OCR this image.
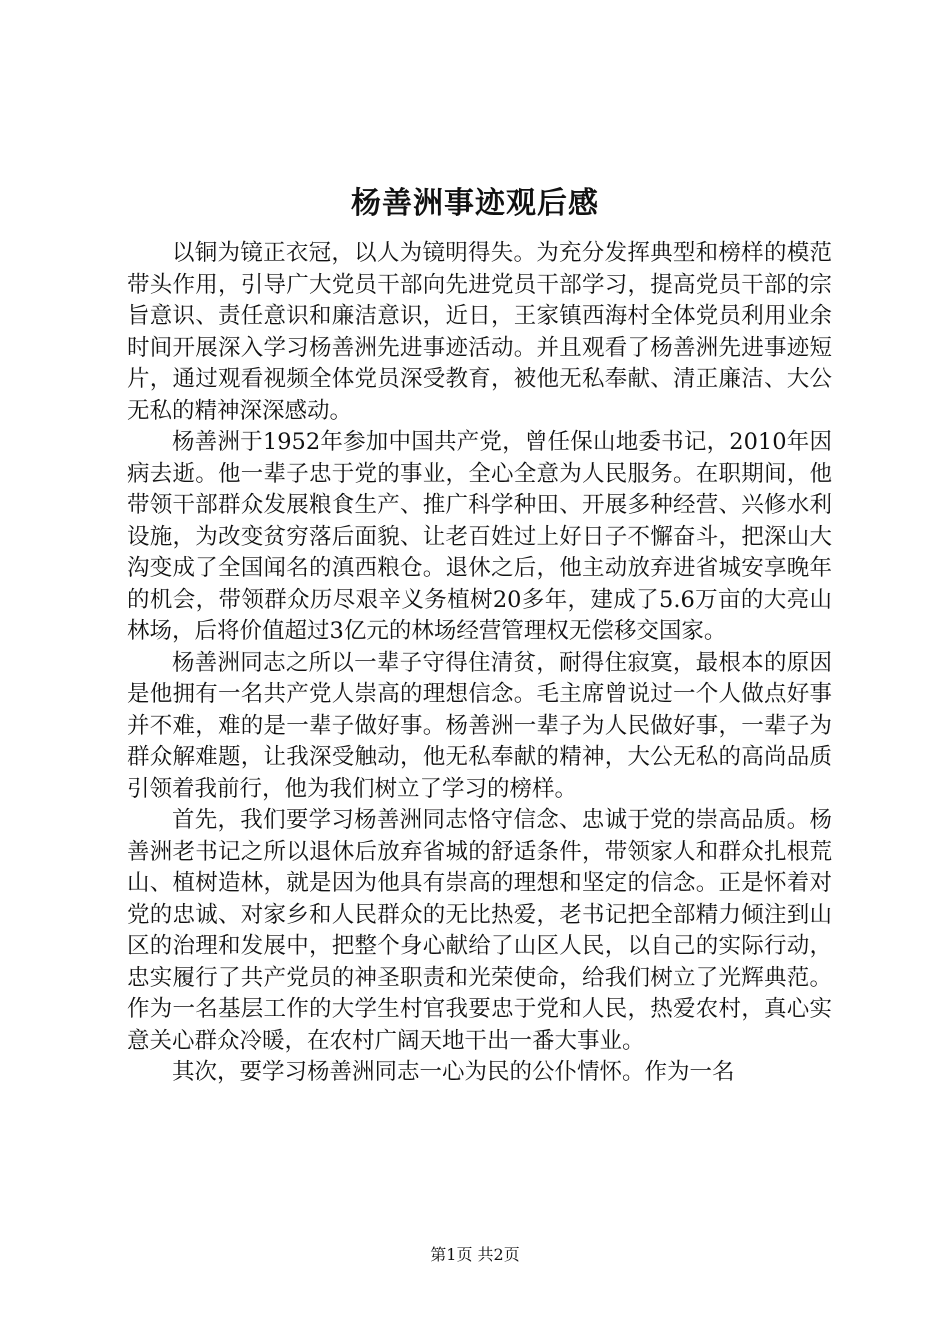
杨善洲事迹观后感

以铜为镜正衣冠，以人为镜明得失。为充分发挥典型和榜样的模范带头作用，引导广大党员干部向先进党员干部学习，提高党员干部的宗旨意识、责任意识和廉洁意识，近日，王家镇西海村全体党员利用业余时间开展深入学习杨善洲先进事迹活动。并且观看了杨善洲先进事迹短片，通过观看视频全体党员深受教育，被他无私奉献、清正廉洁、大公无私的精神深深感动。

杨善洲于1952年参加中国共产党，曾任保山地委书记，2010年因病去逝。他一辈子忠于党的事业，全心全意为人民服务。在职期间，他带领干部群众发展粮食生产、推广科学种田、开展多种经营、兴修水利设施，为改变贫穷落后面貌、让老百姓过上好日子不懈奋斗，把深山大沟变成了全国闻名的滇西粮仓。退休之后，他主动放弃进省城安享晚年的机会，带领群众历尽艰辛义务植树20多年，建成了5.6万亩的大亮山林场，后将价值超过3亿元的林场经营管理权无偿移交国家。

杨善洲同志之所以一辈子守得住清贫，耐得住寂寞，最根本的原因是他拥有一名共产党人崇高的理想信念。毛主席曾说过一个人做点好事并不难，难的是一辈子做好事。杨善洲一辈子为人民做好事，一辈子为群众解难题，让我深受触动，他无私奉献的精神，大公无私的高尚品质引领着我前行，他为我们树立了学习的榜样。

首先，我们要学习杨善洲同志恪守信念、忠诚于党的崇高品质。杨善洲老书记之所以退休后放弃省城的舒适条件，带领家人和群众扎根荒山、植树造林，就是因为他具有崇高的理想和坚定的信念。正是怀着对党的忠诚、对家乡和人民群众的无比热爱，老书记把全部精力倾注到山区的治理和发展中，把整个身心献给了山区人民，以自己的实际行动，忠实履行了共产党员的神圣职责和光荣使命，给我们树立了光辉典范。作为一名基层工作的大学生村官我要忠于党和人民，热爱农村，真心实意关心群众冷暖，在农村广阔天地干出一番大事业。

其次，要学习杨善洲同志一心为民的公仆情怀。作为一名

第1页 共2页
